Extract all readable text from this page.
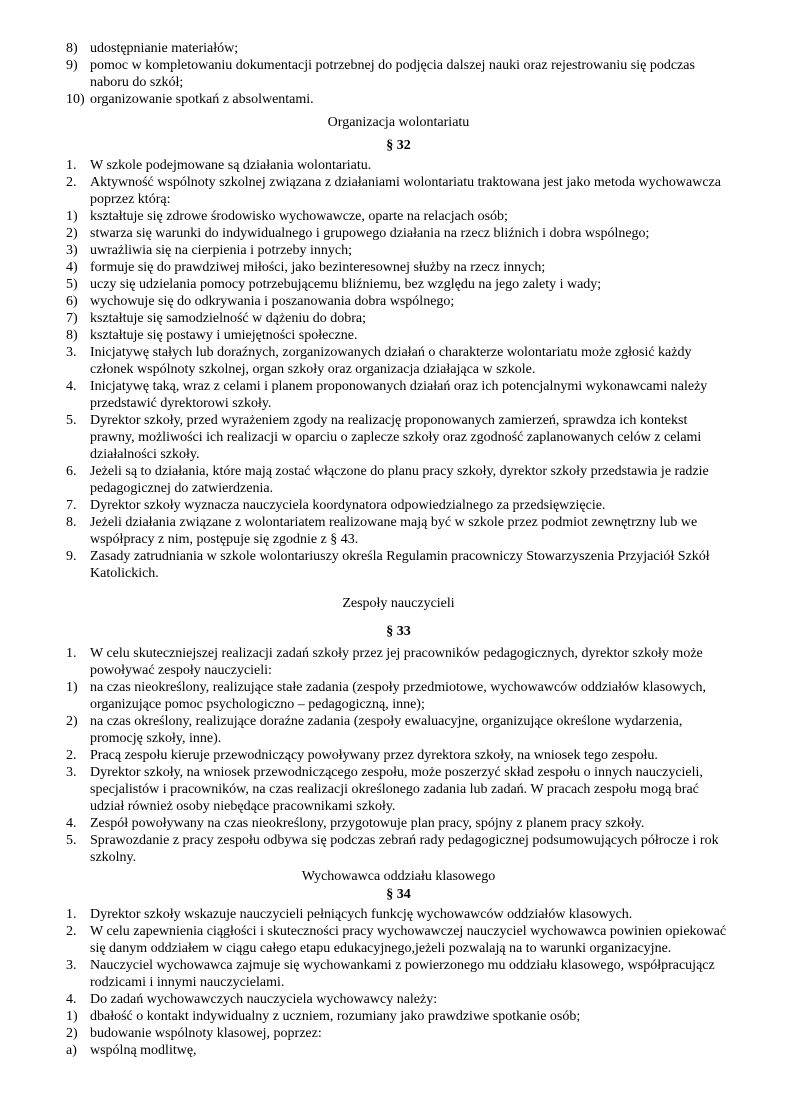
8) udostępnianie materiałów;
9) pomoc w kompletowaniu dokumentacji potrzebnej do podjęcia dalszej nauki oraz rejestrowaniu się podczas naboru do szkół;
10) organizowanie spotkań z absolwentami.
Organizacja wolontariatu
§ 32
1. W szkole podejmowane są działania wolontariatu.
2. Aktywność wspólnoty szkolnej związana z działaniami wolontariatu traktowana jest jako metoda wychowawcza poprzez którą:
1) kształtuje się zdrowe środowisko wychowawcze, oparte na relacjach osób;
2) stwarza się warunki do indywidualnego i grupowego działania na rzecz bliźnich i dobra wspólnego;
3) uwrażliwia się na cierpienia i potrzeby innych;
4) formuje się do prawdziwej miłości, jako bezinteresownej służby na rzecz innych;
5) uczy się udzielania pomocy potrzebującemu bliźniemu, bez względu na jego zalety i wady;
6) wychowuje się do odkrywania i poszanowania dobra wspólnego;
7) kształtuje się samodzielność w dążeniu do dobra;
8) kształtuje się postawy i umiejętności społeczne.
3. Inicjatywę stałych lub doraźnych, zorganizowanych działań o charakterze wolontariatu może zgłosić każdy członek wspólnoty szkolnej, organ szkoły oraz organizacja działająca w szkole.
4. Inicjatywę taką, wraz z celami i planem proponowanych działań oraz ich potencjalnymi wykonawcami należy przedstawić dyrektorowi szkoły.
5. Dyrektor szkoły, przed wyrażeniem zgody na realizację proponowanych zamierzeń, sprawdza ich kontekst prawny, możliwości ich realizacji w oparciu o zaplecze szkoły oraz zgodność zaplanowanych celów z celami działalności szkoły.
6. Jeżeli są to działania, które mają zostać włączone do planu pracy szkoły, dyrektor szkoły przedstawia je radzie pedagogicznej do zatwierdzenia.
7. Dyrektor szkoły wyznacza nauczyciela koordynatora odpowiedzialnego za przedsięwzięcie.
8. Jeżeli działania związane z wolontariatem realizowane mają być w szkole przez podmiot zewnętrzny lub we współpracy z nim, postępuje się zgodnie z § 43.
9. Zasady zatrudniania w szkole wolontariuszy określa Regulamin pracowniczy Stowarzyszenia Przyjaciół Szkół Katolickich.
Zespoły nauczycieli
§ 33
1. W celu skuteczniejszej realizacji zadań szkoły przez jej pracowników pedagogicznych, dyrektor szkoły może powoływać zespoły nauczycieli:
1) na czas nieokreślony, realizujące stałe zadania (zespoły przedmiotowe, wychowawców oddziałów klasowych, organizujące pomoc psychologiczno – pedagogiczną, inne);
2) na czas określony, realizujące doraźne zadania (zespoły ewaluacyjne, organizujące określone wydarzenia, promocję szkoły, inne).
2. Pracą zespołu kieruje przewodniczący powoływany przez dyrektora szkoły, na wniosek tego zespołu.
3. Dyrektor szkoły, na wniosek przewodniczącego zespołu, może poszerzyć skład zespołu o innych nauczycieli, specjalistów i pracowników, na czas realizacji określonego zadania lub zadań. W pracach zespołu mogą brać udział również osoby niebędące pracownikami szkoły.
4. Zespół powoływany na czas nieokreślony, przygotowuje plan pracy, spójny z planem pracy szkoły.
5. Sprawozdanie z pracy zespołu odbywa się podczas zebrań rady pedagogicznej podsumowujących półrocze i rok szkolny.
Wychowawca oddziału klasowego
§ 34
1. Dyrektor szkoły wskazuje nauczycieli pełniących funkcję wychowawców oddziałów klasowych.
2. W celu zapewnienia ciągłości i skuteczności pracy wychowawczej nauczyciel wychowawca powinien opiekować się danym oddziałem w ciągu całego etapu edukacyjnego,jeżeli pozwalają na to warunki organizacyjne.
3. Nauczyciel wychowawca zajmuje się wychowankami z powierzonego mu oddziału klasowego, współpracującz rodzicami i innymi nauczycielami.
4. Do zadań wychowawczych nauczyciela wychowawcy należy:
1) dbałość o kontakt indywidualny z uczniem, rozumiany jako prawdziwe spotkanie osób;
2) budowanie wspólnoty klasowej, poprzez:
a) wspólną modlitwę,
